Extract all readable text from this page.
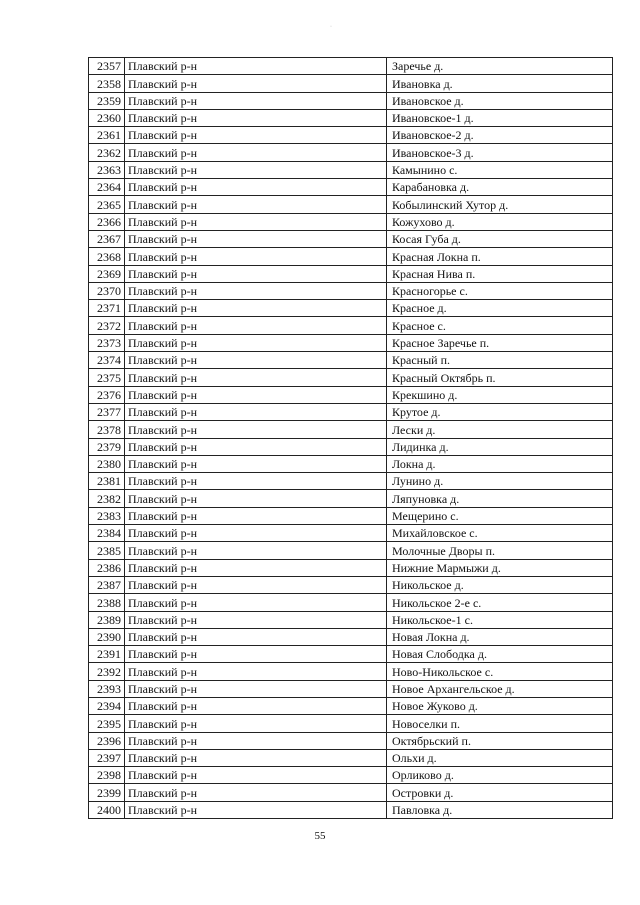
·
2357	Плавский р-н	Заречье д.
2358	Плавский р-н	Ивановка д.
2359	Плавский р-н	Ивановское д.
2360	Плавский р-н	Ивановское-1 д.
2361	Плавский р-н	Ивановское-2 д.
2362	Плавский р-н	Ивановское-3 д.
2363	Плавский р-н	Камынино с.
2364	Плавский р-н	Карабановка д.
2365	Плавский р-н	Кобылинский Хутор д.
2366	Плавский р-н	Кожухово д.
2367	Плавский р-н	Косая Губа д.
2368	Плавский р-н	Красная Локна п.
2369	Плавский р-н	Красная Нива п.
2370	Плавский р-н	Красногорье с.
2371	Плавский р-н	Красное д.
2372	Плавский р-н	Красное с.
2373	Плавский р-н	Красное Заречье п.
2374	Плавский р-н	Красный п.
2375	Плавский р-н	Красный Октябрь п.
2376	Плавский р-н	Крекшино д.
2377	Плавский р-н	Крутое д.
2378	Плавский р-н	Лески д.
2379	Плавский р-н	Лидинка д.
2380	Плавский р-н	Локна д.
2381	Плавский р-н	Лунино д.
2382	Плавский р-н	Ляпуновка д.
2383	Плавский р-н	Мещерино с.
2384	Плавский р-н	Михайловское с.
2385	Плавский р-н	Молочные Дворы п.
2386	Плавский р-н	Нижние Мармыжи д.
2387	Плавский р-н	Никольское д.
2388	Плавский р-н	Никольское 2-е с.
2389	Плавский р-н	Никольское-1 с.
2390	Плавский р-н	Новая Локна д.
2391	Плавский р-н	Новая Слободка д.
2392	Плавский р-н	Ново-Никольское с.
2393	Плавский р-н	Новое Архангельское д.
2394	Плавский р-н	Новое Жуково д.
2395	Плавский р-н	Новоселки п.
2396	Плавский р-н	Октябрьский п.
2397	Плавский р-н	Ольхи д.
2398	Плавский р-н	Орликово д.
2399	Плавский р-н	Островки д.
2400	Плавский р-н	Павловка д.
55
